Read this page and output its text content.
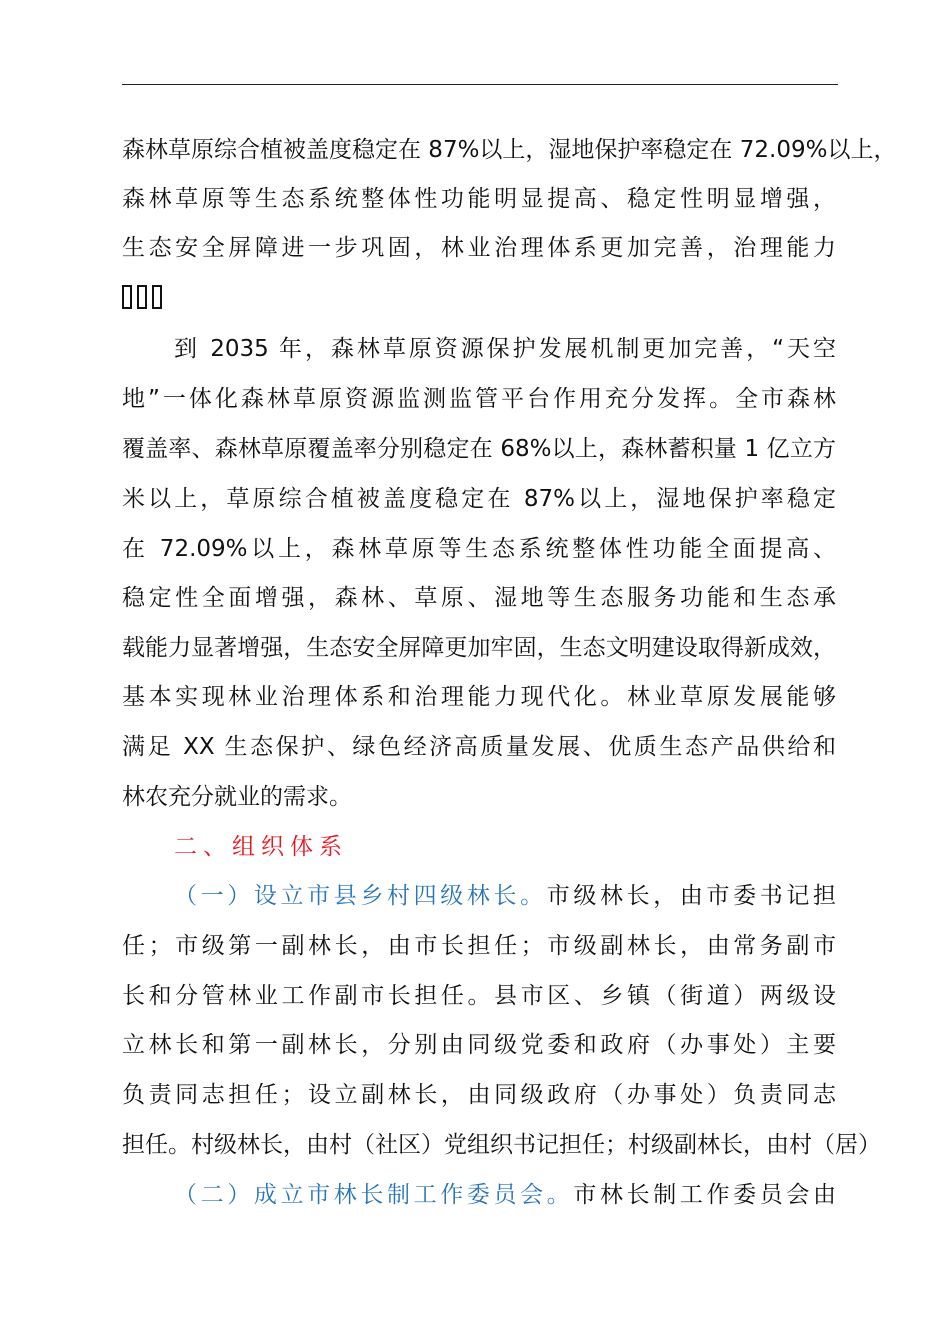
森林草原综合植被盖度稳定在 87%以上，湿地保护率稳定在 72.09%以上，
森林草原等生态系统整体性功能明显提高、稳定性明显增强，
生态安全屏障进一步巩固，林业治理体系更加完善，治理能力
到 2035 年，森林草原资源保护发展机制更加完善，“天空
地”一体化森林草原资源监测监管平台作用充分发挥。全市森林
覆盖率、森林草原覆盖率分别稳定在 68%以上，森林蓄积量 1 亿立方
米以上，草原综合植被盖度稳定在 87%以上，湿地保护率稳定
在 72.09%以上，森林草原等生态系统整体性功能全面提高、
稳定性全面增强，森林、草原、湿地等生态服务功能和生态承
载能力显著增强，生态安全屏障更加牢固，生态文明建设取得新成效，
基本实现林业治理体系和治理能力现代化。林业草原发展能够
满足 XX 生态保护、绿色经济高质量发展、优质生态产品供给和
林农充分就业的需求。
二、组织体系
（一）设立市县乡村四级林长。市级林长，由市委书记担
任；市级第一副林长，由市长担任；市级副林长，由常务副市
长和分管林业工作副市长担任。县市区、乡镇（街道）两级设
立林长和第一副林长，分别由同级党委和政府（办事处）主要
负责同志担任；设立副林长，由同级政府（办事处）负责同志
担任。村级林长，由村（社区）党组织书记担任；村级副林长，由村（居）
（二）成立市林长制工作委员会。市林长制工作委员会由
